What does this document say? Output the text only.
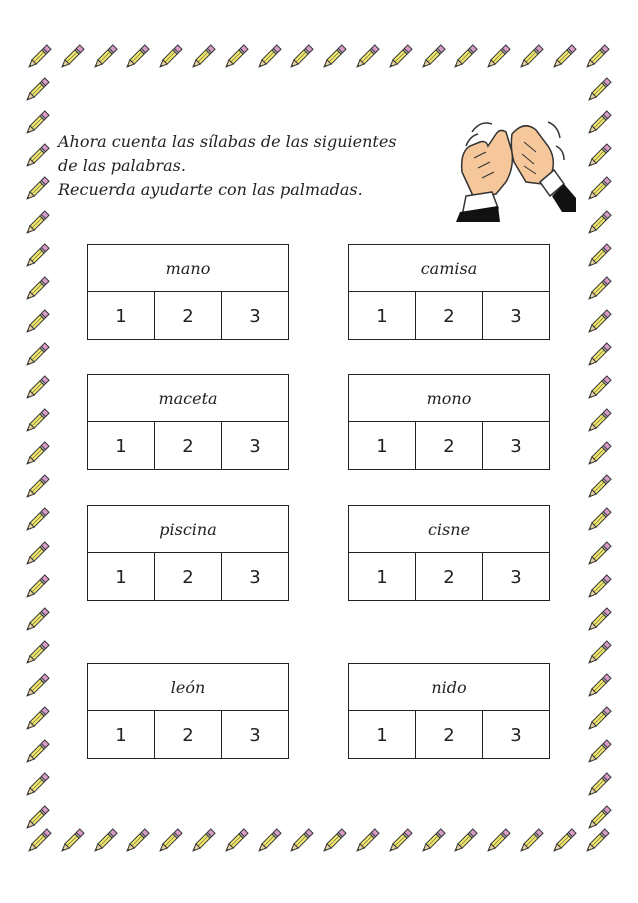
Ahora cuenta las sílabas de las siguientes
de las palabras.
Recuerda ayudarte con las palmadas.
mano
1	2	3
camisa
1	2	3
maceta
1	2	3
mono
1	2	3
piscina
1	2	3
cisne
1	2	3
león
1	2	3
nido
1	2	3
